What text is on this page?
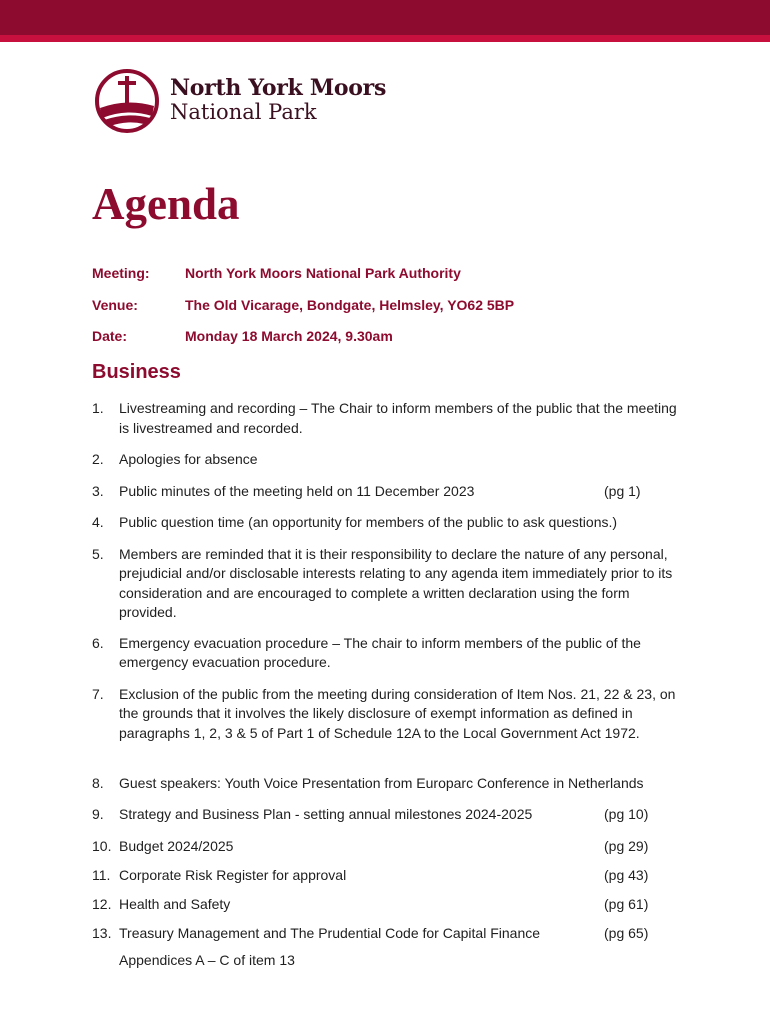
North York Moors
National Park
Agenda
Meeting:	North York Moors National Park Authority
Venue:	The Old Vicarage, Bondgate, Helmsley, YO62 5BP
Date:	Monday 18 March 2024, 9.30am
Business
1. Livestreaming and recording – The Chair to inform members of the public that the meeting is livestreamed and recorded.
2. Apologies for absence
3. Public minutes of the meeting held on 11 December 2023	(pg 1)
4. Public question time (an opportunity for members of the public to ask questions.)
5. Members are reminded that it is their responsibility to declare the nature of any personal, prejudicial and/or disclosable interests relating to any agenda item immediately prior to its consideration and are encouraged to complete a written declaration using the form provided.
6. Emergency evacuation procedure – The chair to inform members of the public of the emergency evacuation procedure.
7. Exclusion of the public from the meeting during consideration of Item Nos. 21, 22 & 23, on the grounds that it involves the likely disclosure of exempt information as defined in paragraphs 1, 2, 3 & 5 of Part 1 of Schedule 12A to the Local Government Act 1972.
8. Guest speakers: Youth Voice Presentation from Europarc Conference in Netherlands
9. Strategy and Business Plan - setting annual milestones 2024-2025	(pg 10)
10. Budget 2024/2025	(pg 29)
11. Corporate Risk Register for approval	(pg 43)
12. Health and Safety	(pg 61)
13. Treasury Management and The Prudential Code for Capital Finance	(pg 65)
Appendices A – C of item 13
